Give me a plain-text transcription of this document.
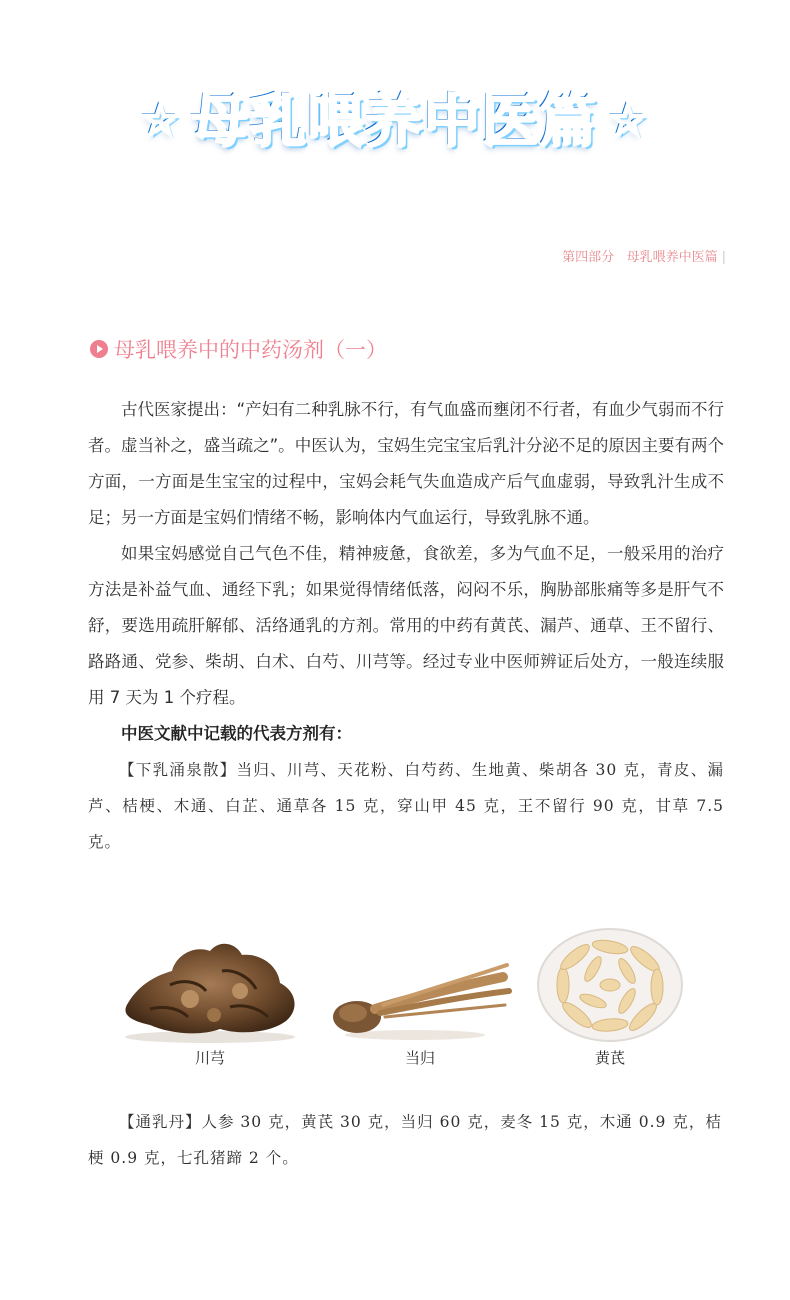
☆ 母乳喂养中医篇 ☆
第四部分 母乳喂养中医篇 |
母乳喂养中的中药汤剂（一）

古代医家提出：“产妇有二种乳脉不行，有气血盛而壅闭不行者，有血少气弱而不行者。虚当补之，盛当疏之”。中医认为，宝妈生完宝宝后乳汁分泌不足的原因主要有两个方面，一方面是生宝宝的过程中，宝妈会耗气失血造成产后气血虚弱，导致乳汁生成不足；另一方面是宝妈们情绪不畅，影响体内气血运行，导致乳脉不通。

如果宝妈感觉自己气色不佳，精神疲惫，食欲差，多为气血不足，一般采用的治疗方法是补益气血、通经下乳；如果觉得情绪低落，闷闷不乐，胸胁部胀痛等多是肝气不舒，要选用疏肝解郁、活络通乳的方剂。常用的中药有黄芪、漏芦、通草、王不留行、路路通、党参、柴胡、白术、白芍、川芎等。经过专业中医师辨证后处方，一般连续服用 7 天为 1 个疗程。

中医文献中记载的代表方剂有：

【下乳涌泉散】当归、川芎、天花粉、白芍药、生地黄、柴胡各 30 克，青皮、漏芦、桔梗、木通、白芷、通草各 15 克，穿山甲 45 克，王不留行 90 克，甘草 7.5 克。

川芎	当归	黄芪

【通乳丹】人参 30 克，黄芪 30 克，当归 60 克，麦冬 15 克，木通 0.9 克，桔梗 0.9 克，七孔猪蹄 2 个。
